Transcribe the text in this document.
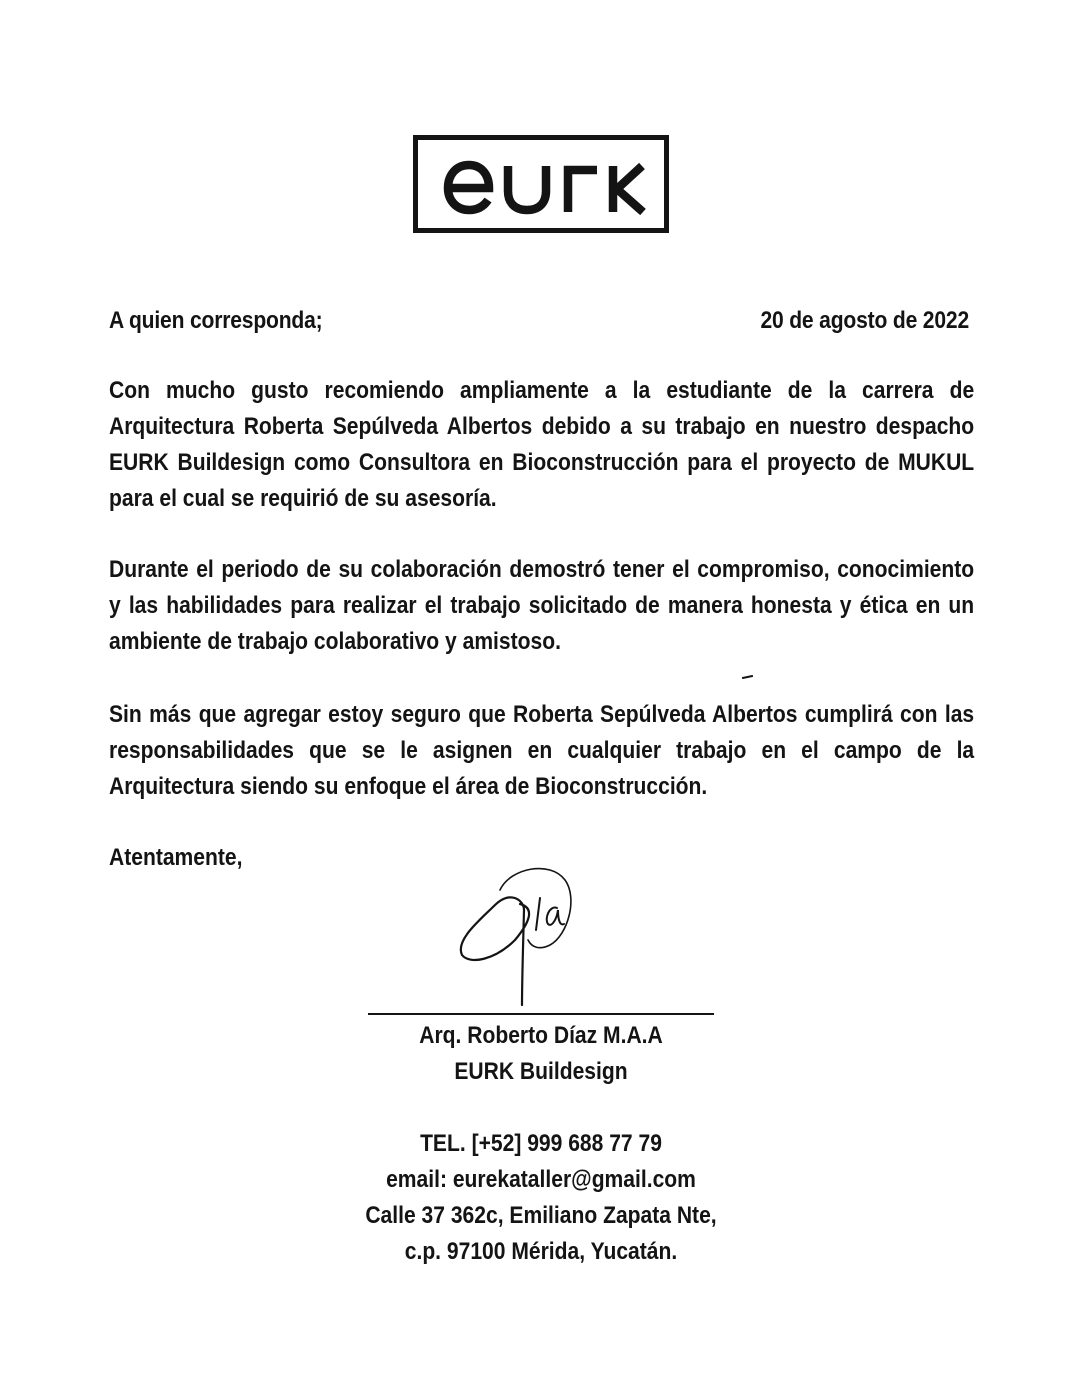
A quien corresponda;	20 de agosto de 2022

Con mucho gusto recomiendo ampliamente a la estudiante de la carrera de Arquitectura Roberta Sepúlveda Albertos debido a su trabajo en nuestro despacho EURK Buildesign como Consultora en Bioconstrucción para el proyecto de MUKUL para el cual se requirió de su asesoría.

Durante el periodo de su colaboración demostró tener el compromiso, conocimiento y las habilidades para realizar el trabajo solicitado de manera honesta y ética en un ambiente de trabajo colaborativo y amistoso.

Sin más que agregar estoy seguro que Roberta Sepúlveda Albertos cumplirá con las responsabilidades que se le asignen en cualquier trabajo en el campo de la Arquitectura siendo su enfoque el área de Bioconstrucción.

Atentamente,
Arq. Roberto Díaz M.A.A
EURK Buildesign
TEL. [+52] 999 688 77 79
email: eurekataller@gmail.com
Calle 37 362c, Emiliano Zapata Nte,
c.p. 97100 Mérida, Yucatán.
